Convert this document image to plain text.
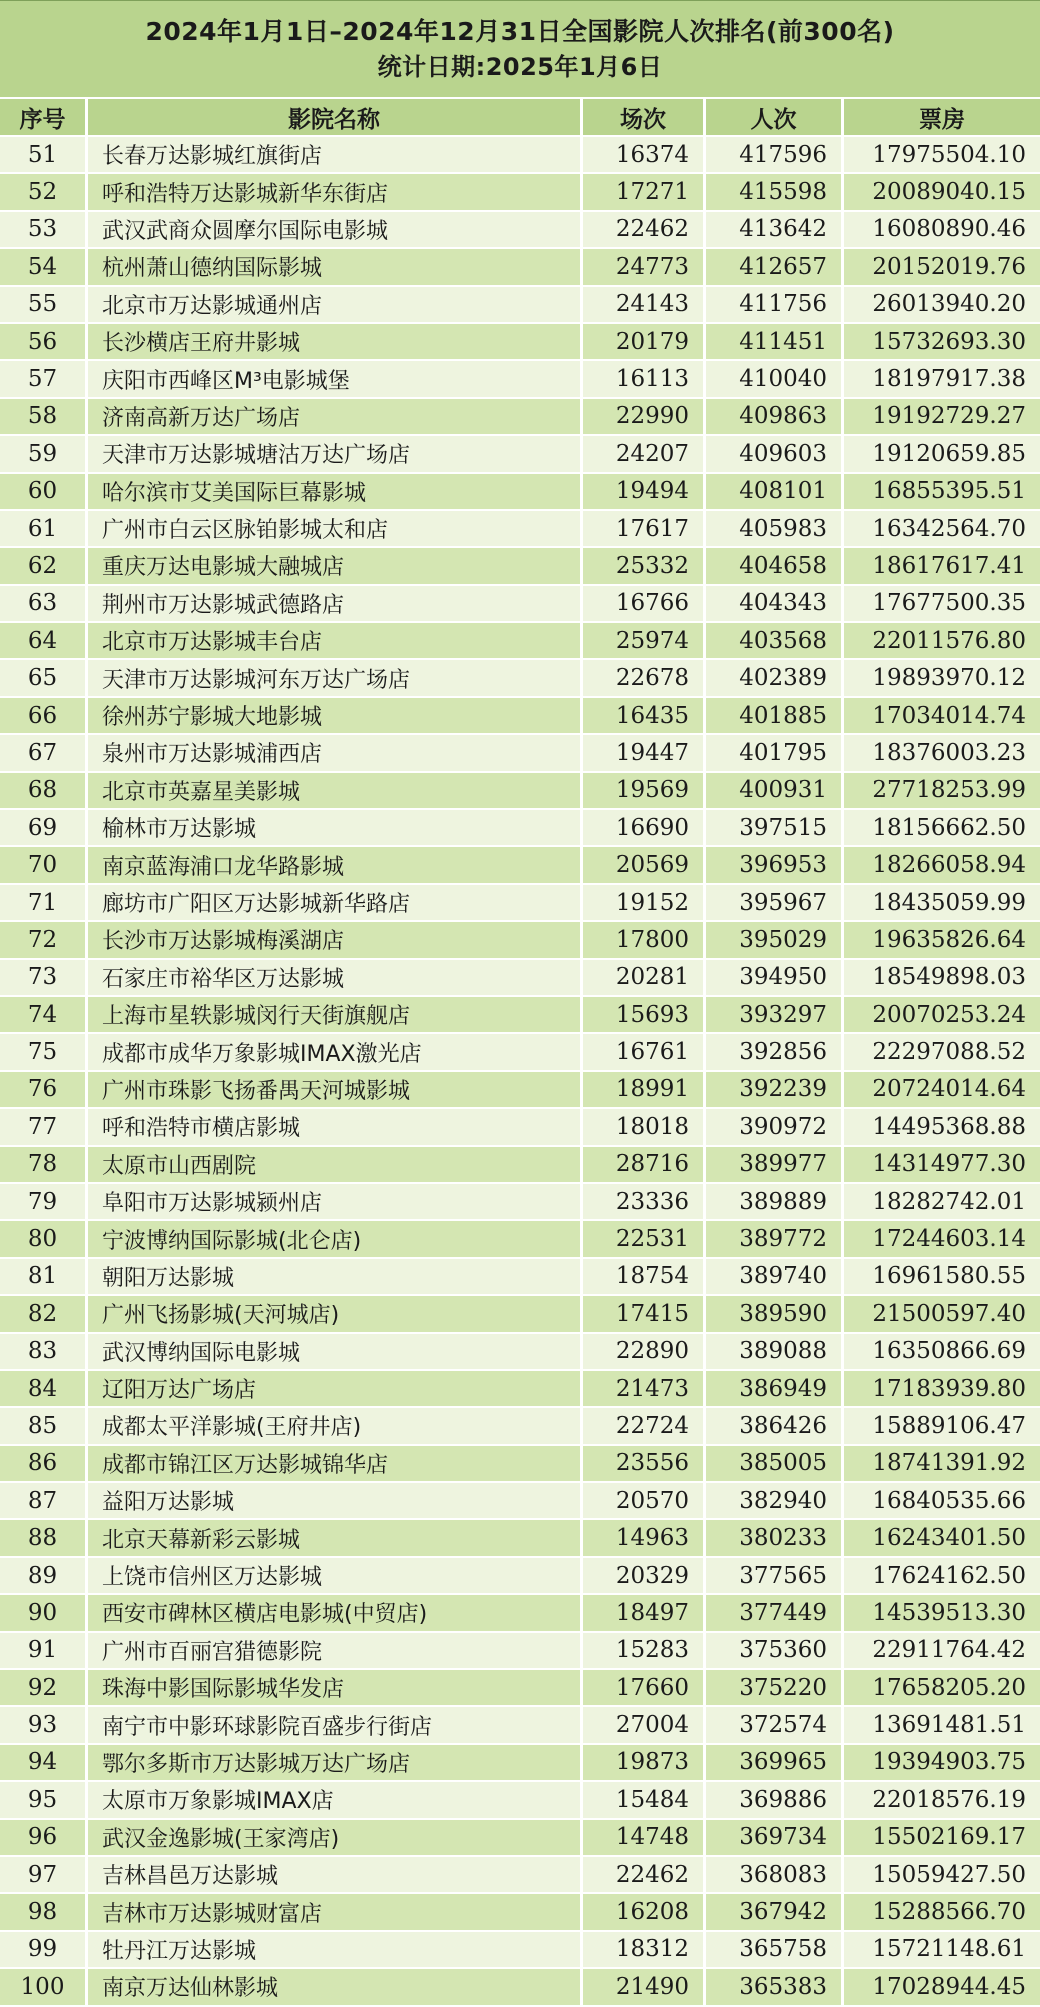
2024年1月1日–2024年12月31日全国影院人次排名(前300名)
统计日期:2025年1月6日
序号	影院名称	场次	人次	票房
51	长春万达影城红旗街店	16374	417596	17975504.10
52	呼和浩特万达影城新华东街店	17271	415598	20089040.15
53	武汉武商众圆摩尔国际电影城	22462	413642	16080890.46
54	杭州萧山德纳国际影城	24773	412657	20152019.76
55	北京市万达影城通州店	24143	411756	26013940.20
56	长沙横店王府井影城	20179	411451	15732693.30
57	庆阳市西峰区M³电影城堡	16113	410040	18197917.38
58	济南高新万达广场店	22990	409863	19192729.27
59	天津市万达影城塘沽万达广场店	24207	409603	19120659.85
60	哈尔滨市艾美国际巨幕影城	19494	408101	16855395.51
61	广州市白云区脉铂影城太和店	17617	405983	16342564.70
62	重庆万达电影城大融城店	25332	404658	18617617.41
63	荆州市万达影城武德路店	16766	404343	17677500.35
64	北京市万达影城丰台店	25974	403568	22011576.80
65	天津市万达影城河东万达广场店	22678	402389	19893970.12
66	徐州苏宁影城大地影城	16435	401885	17034014.74
67	泉州市万达影城浦西店	19447	401795	18376003.23
68	北京市英嘉星美影城	19569	400931	27718253.99
69	榆林市万达影城	16690	397515	18156662.50
70	南京蓝海浦口龙华路影城	20569	396953	18266058.94
71	廊坊市广阳区万达影城新华路店	19152	395967	18435059.99
72	长沙市万达影城梅溪湖店	17800	395029	19635826.64
73	石家庄市裕华区万达影城	20281	394950	18549898.03
74	上海市星轶影城闵行天街旗舰店	15693	393297	20070253.24
75	成都市成华万象影城IMAX激光店	16761	392856	22297088.52
76	广州市珠影飞扬番禺天河城影城	18991	392239	20724014.64
77	呼和浩特市横店影城	18018	390972	14495368.88
78	太原市山西剧院	28716	389977	14314977.30
79	阜阳市万达影城颍州店	23336	389889	18282742.01
80	宁波博纳国际影城(北仑店)	22531	389772	17244603.14
81	朝阳万达影城	18754	389740	16961580.55
82	广州飞扬影城(天河城店)	17415	389590	21500597.40
83	武汉博纳国际电影城	22890	389088	16350866.69
84	辽阳万达广场店	21473	386949	17183939.80
85	成都太平洋影城(王府井店)	22724	386426	15889106.47
86	成都市锦江区万达影城锦华店	23556	385005	18741391.92
87	益阳万达影城	20570	382940	16840535.66
88	北京天幕新彩云影城	14963	380233	16243401.50
89	上饶市信州区万达影城	20329	377565	17624162.50
90	西安市碑林区横店电影城(中贸店)	18497	377449	14539513.30
91	广州市百丽宫猎德影院	15283	375360	22911764.42
92	珠海中影国际影城华发店	17660	375220	17658205.20
93	南宁市中影环球影院百盛步行街店	27004	372574	13691481.51
94	鄂尔多斯市万达影城万达广场店	19873	369965	19394903.75
95	太原市万象影城IMAX店	15484	369886	22018576.19
96	武汉金逸影城(王家湾店)	14748	369734	15502169.17
97	吉林昌邑万达影城	22462	368083	15059427.50
98	吉林市万达影城财富店	16208	367942	15288566.70
99	牡丹江万达影城	18312	365758	15721148.61
100	南京万达仙林影城	21490	365383	17028944.45
